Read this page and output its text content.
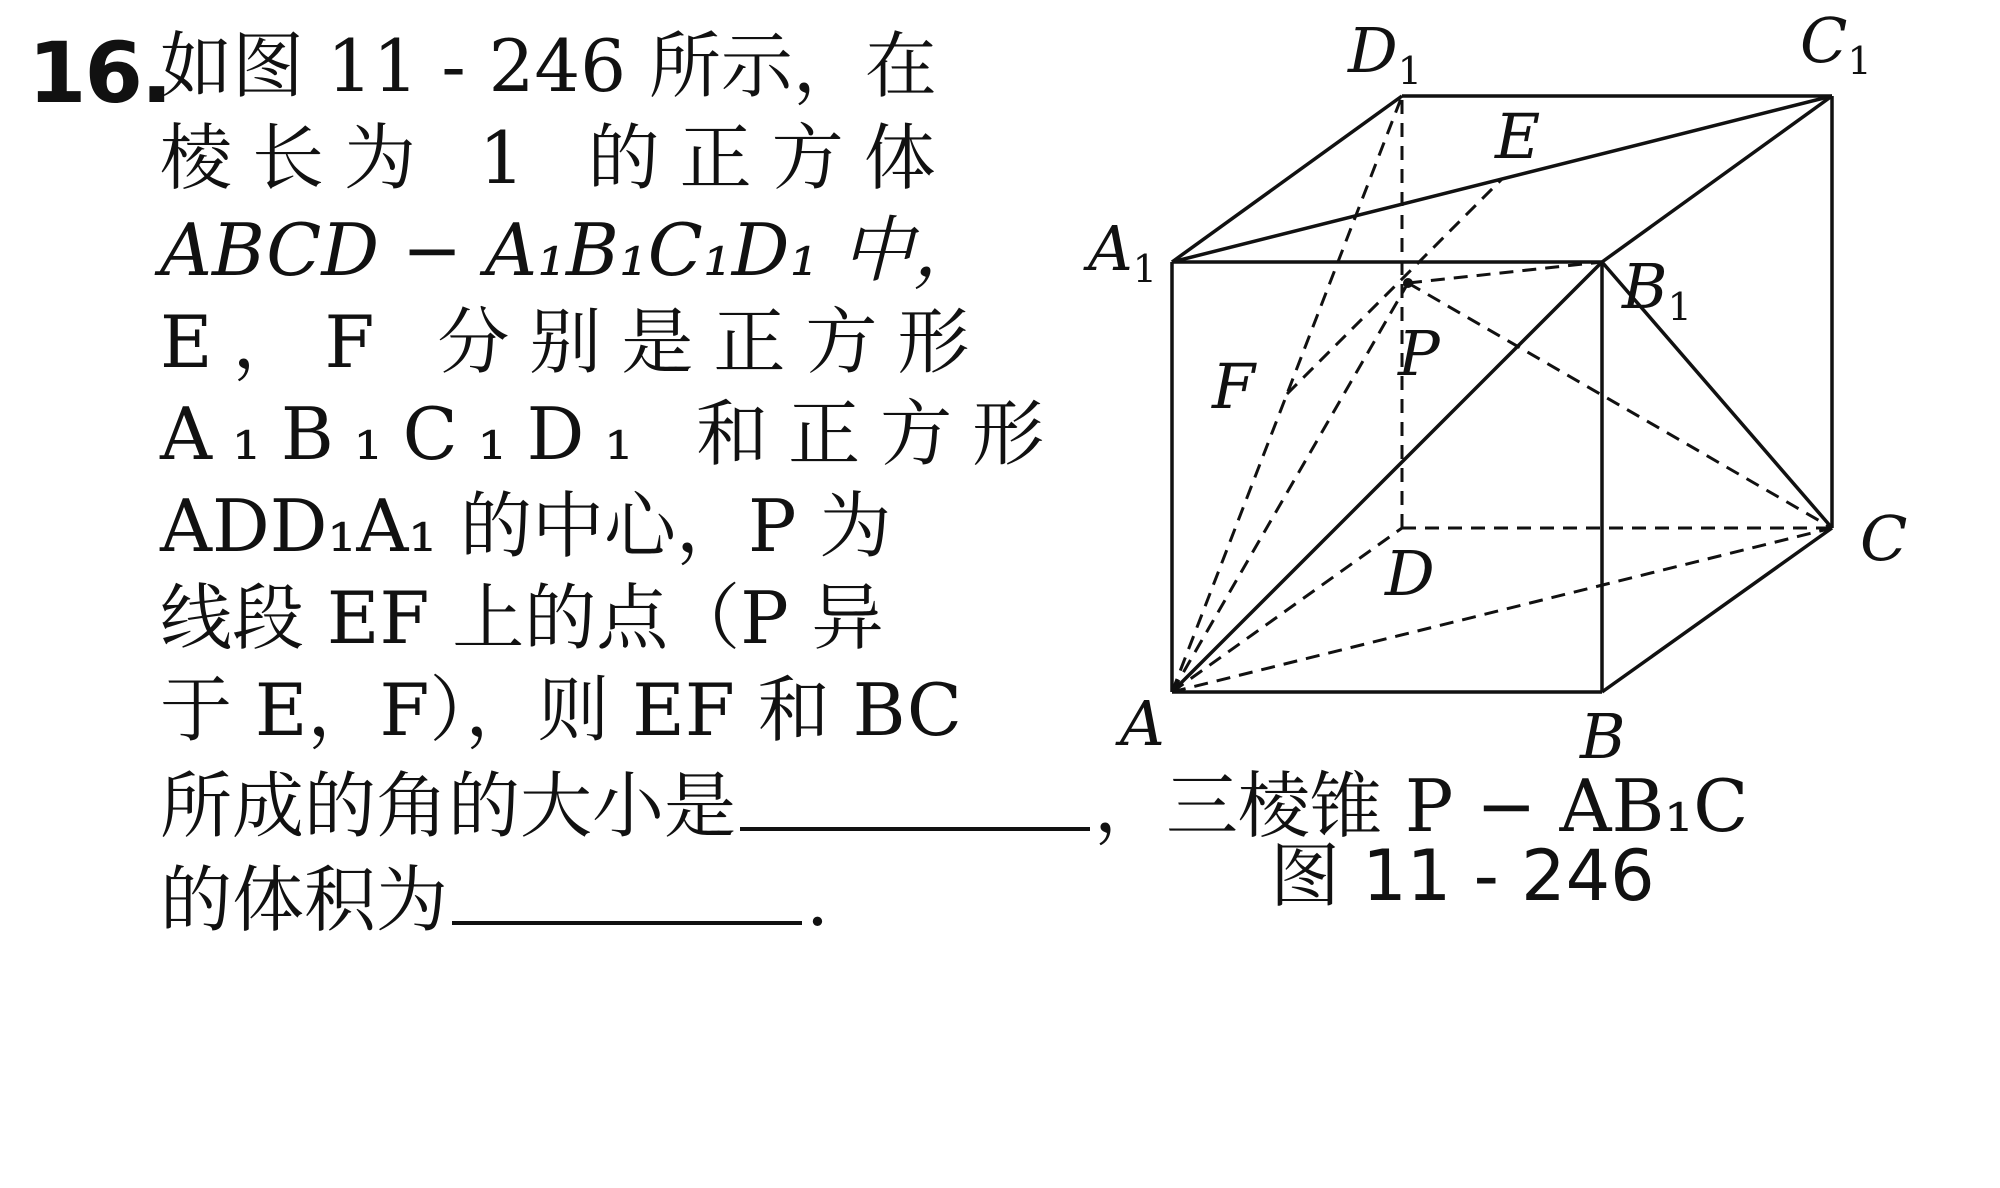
16.
如图 11 - 246 所示，在
棱长为 1 的正方体
ABCD − A₁B₁C₁D₁ 中，
E，F 分别是正方形
A₁B₁C₁D₁ 和正方形
ADD₁A₁ 的中心，P 为
线段 EF 上的点（P 异
于 E，F），则 EF 和 BC
所成的角的大小是	，三棱锥 P − AB₁C
的体积为	.
A	B
C
D
A1	B1
C1
D1
E
F P
图 11 - 246
